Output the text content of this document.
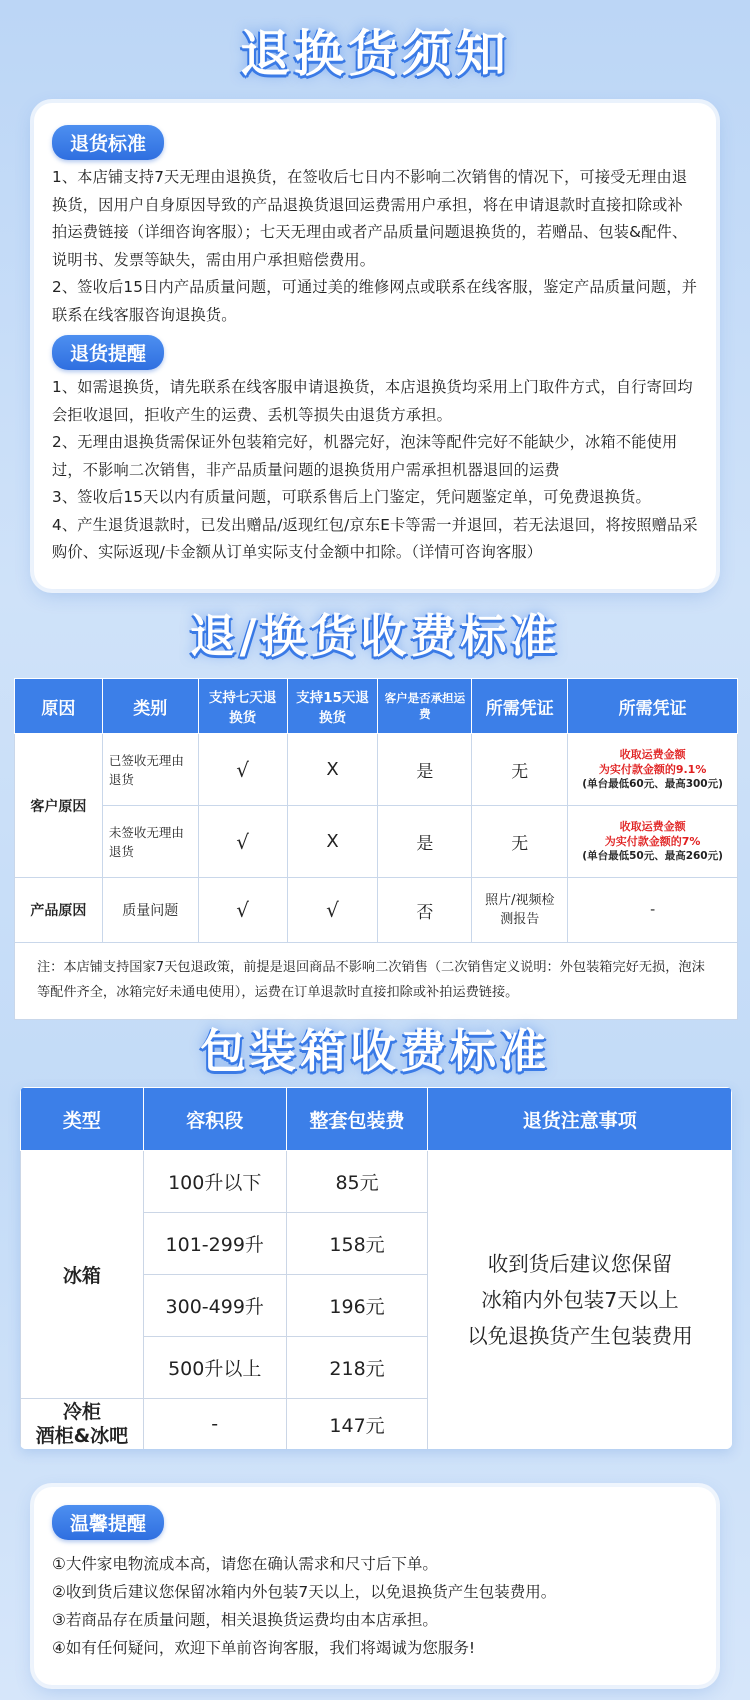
退换货须知
退货标准

1、本店铺支持7天无理由退换货，在签收后七日内不影响二次销售的情况下，可接受无理由退换货，因用户自身原因导致的产品退换货退回运费需用户承担，将在申请退款时直接扣除或补拍运费链接（详细咨询客服）；七天无理由或者产品质量问题退换货的，若赠品、包装&配件、说明书、发票等缺失，需由用户承担赔偿费用。

2、签收后15日内产品质量问题，可通过美的维修网点或联系在线客服，鉴定产品质量问题，并联系在线客服咨询退换货。

退货提醒

1、如需退换货，请先联系在线客服申请退换货，本店退换货均采用上门取件方式，自行寄回均会拒收退回，拒收产生的运费、丢机等损失由退货方承担。

2、无理由退换货需保证外包装箱完好，机器完好，泡沫等配件完好不能缺少，冰箱不能使用过，不影响二次销售，非产品质量问题的退换货用户需承担机器退回的运费

3、签收后15天以内有质量问题，可联系售后上门鉴定，凭问题鉴定单，可免费退换货。

4、产生退货退款时，已发出赠品/返现红包/京东E卡等需一并退回，若无法退回，将按照赠品采购价、实际返现/卡金额从订单实际支付金额中扣除。（详情可咨询客服）

退/换货收费标准
原因	类别	支持七天退换货	支持15天退换货	客户是否承担运费	所需凭证	所需凭证
客户原因	已签收无理由退货	√	X	是	无	收取运费金额
为实付款金额的9.1%
(单台最低60元、最高300元)

	未签收无理由退货	√	X	是	无	收取运费金额
为实付款金额的7%
(单台最低50元、最高260元)

产品原因	质量问题	√	√	否	照片/视频检测报告	-
注：本店铺支持国家7天包退政策，前提是退回商品不影响二次销售（二次销售定义说明：外包装箱完好无损，泡沫等配件齐全，冰箱完好未通电使用），运费在订单退款时直接扣除或补拍运费链接。
包装箱收费标准
类型	容积段	整套包装费	退货注意事项
冰箱	100升以下	85元	收到货后建议您保留
冰箱内外包装7天以上
以免退换货产生包装费用

	101-299升	158元	
	300-499升	196元	
	500升以上	218元	

冷柜
酒柜&冰吧	-	147元	
温馨提醒
①大件家电物流成本高，请您在确认需求和尺寸后下单。
②收到货后建议您保留冰箱内外包装7天以上，以免退换货产生包装费用。
③若商品存在质量问题，相关退换货运费均由本店承担。
④如有任何疑问，欢迎下单前咨询客服，我们将竭诚为您服务!
